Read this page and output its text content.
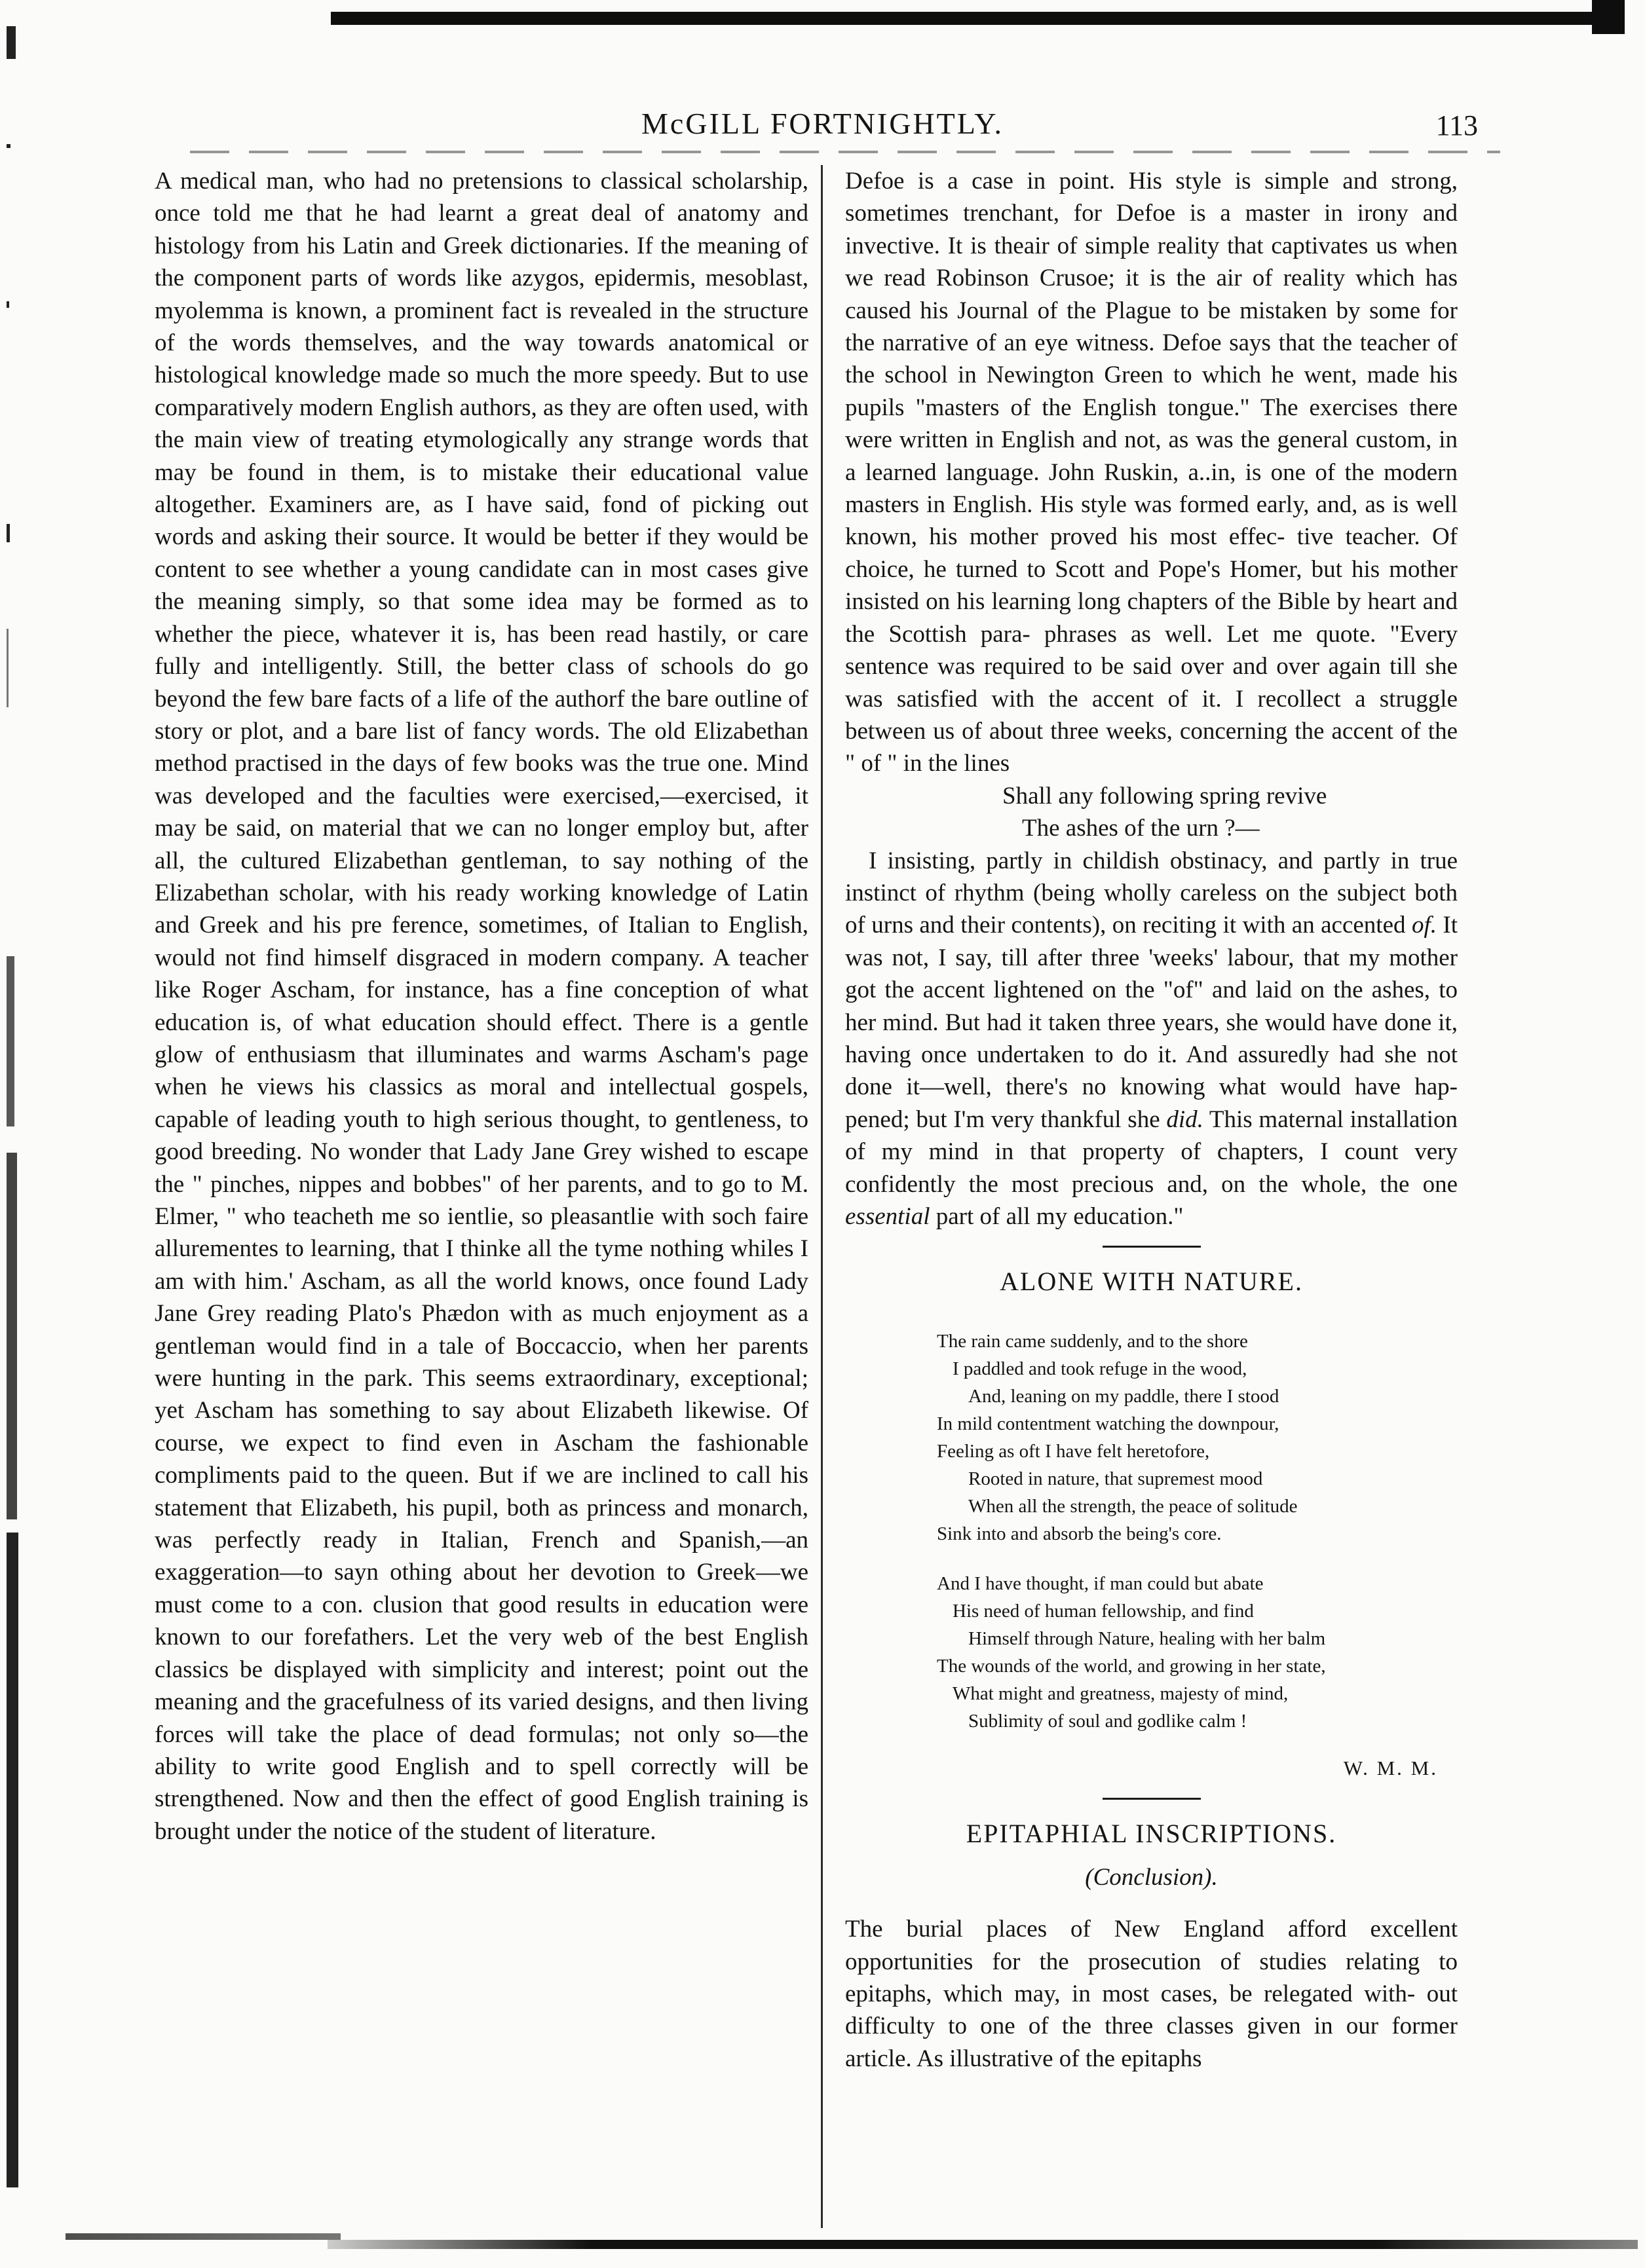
McGILL FORTNIGHTLY.	113

A medical man, who had no pretensions to classical scholarship, once told me that he had learnt a great deal of anatomy and histology from his Latin and Greek dictionaries. If the meaning of the component parts of words like azygos, epidermis, mesoblast, myolemma is known, a prominent fact is revealed in the structure of the words themselves, and the way towards anatomical or histological knowledge made so much the more speedy. But to use comparatively modern English authors, as they are often used, with the main view of treating etymologically any strange words that may be found in them, is to mistake their educational value altogether. Examiners are, as I have said, fond of picking out words and asking their source. It would be better if they would be content to see whether a young candidate can in most cases give the meaning simply, so that some idea may be formed as to whether the piece, whatever it is, has been read hastily, or care fully and intelligently. Still, the better class of schools do go beyond the few bare facts of a life of the authorf the bare outline of story or plot, and a bare list of fancy words. The old Elizabethan method practised in the days of few books was the true one. Mind was developed and the faculties were exercised,—exercised, it may be said, on material that we can no longer employ but, after all, the cultured Elizabethan gentleman, to say nothing of the Elizabethan scholar, with his ready working knowledge of Latin and Greek and his pre ference, sometimes, of Italian to English, would not find himself disgraced in modern company. A teacher like Roger Ascham, for instance, has a fine conception of what education is, of what education should effect. There is a gentle glow of enthusiasm that illuminates and warms Ascham's page when he views his classics as moral and intellectual gospels, capable of leading youth to high serious thought, to gentleness, to good breeding. No wonder that Lady Jane Grey wished to escape the " pinches, nippes and bobbes" of her parents, and to go to M. Elmer, " who teacheth me so ientlie, so pleasantlie with soch faire allurementes to learning, that I thinke all the tyme nothing whiles I am with him.' Ascham, as all the world knows, once found Lady Jane Grey reading Plato's Phædon with as much enjoyment as a gentleman would find in a tale of Boccaccio, when her parents were hunting in the park. This seems extraordinary, exceptional; yet Ascham has something to say about Elizabeth likewise. Of course, we expect to find even in Ascham the fashionable compliments paid to the queen. But if we are inclined to call his statement that Elizabeth, his pupil, both as princess and monarch, was perfectly ready in Italian, French and Spanish,—an exaggeration—to sayn othing about her devotion to Greek—we must come to a con. clusion that good results in education were known to our forefathers. Let the very web of the best English classics be displayed with simplicity and interest; point out the meaning and the gracefulness of its varied designs, and then living forces will take the place of dead formulas; not only so—the ability to write good English and to spell correctly will be strengthened. Now and then the effect of good English training is brought under the notice of the student of literature.

Defoe is a case in point. His style is simple and strong, sometimes trenchant, for Defoe is a master in irony and invective. It is theair of simple reality that captivates us when we read Robinson Crusoe; it is the air of reality which has caused his Journal of the Plague to be mistaken by some for the narrative of an eye witness. Defoe says that the teacher of the school in Newington Green to which he went, made his pupils "masters of the English tongue." The exercises there were written in English and not, as was the general custom, in a learned language. John Ruskin, a..in, is one of the modern masters in English. His style was formed early, and, as is well known, his mother proved his most effec- tive teacher. Of choice, he turned to Scott and Pope's Homer, but his mother insisted on his learning long chapters of the Bible by heart and the Scottish para- phrases as well. Let me quote. "Every sentence was required to be said over and over again till she was satisfied with the accent of it. I recollect a struggle between us of about three weeks, concerning the accent of the " of " in the lines

Shall any following spring revive
The ashes of the urn ?—

I insisting, partly in childish obstinacy, and partly in true instinct of rhythm (being wholly careless on the subject both of urns and their contents), on reciting it with an accented of. It was not, I say, till after three 'weeks' labour, that my mother got the accent lightened on the "of" and laid on the ashes, to her mind. But had it taken three years, she would have done it, having once undertaken to do it. And assuredly had she not done it—well, there's no knowing what would have hap- pened; but I'm very thankful she did. This maternal installation of my mind in that property of chapters, I count very confidently the most precious and, on the whole, the one essential part of all my education."

ALONE WITH NATURE.
The rain came suddenly, and to the shore
I paddled and took refuge in the wood,
And, leaning on my paddle, there I stood
In mild contentment watching the downpour,
Feeling as oft I have felt heretofore,
Rooted in nature, that supremest mood
When all the strength, the peace of solitude
Sink into and absorb the being's core.
And I have thought, if man could but abate
His need of human fellowship, and find
Himself through Nature, healing with her balm
The wounds of the world, and growing in her state,
What might and greatness, majesty of mind,
Sublimity of soul and godlike calm !
W. M. M.
EPITAPHIAL INSCRIPTIONS.
(Conclusion).

The burial places of New England afford excellent opportunities for the prosecution of studies relating to epitaphs, which may, in most cases, be relegated with- out difficulty to one of the three classes given in our former article. As illustrative of the epitaphs
